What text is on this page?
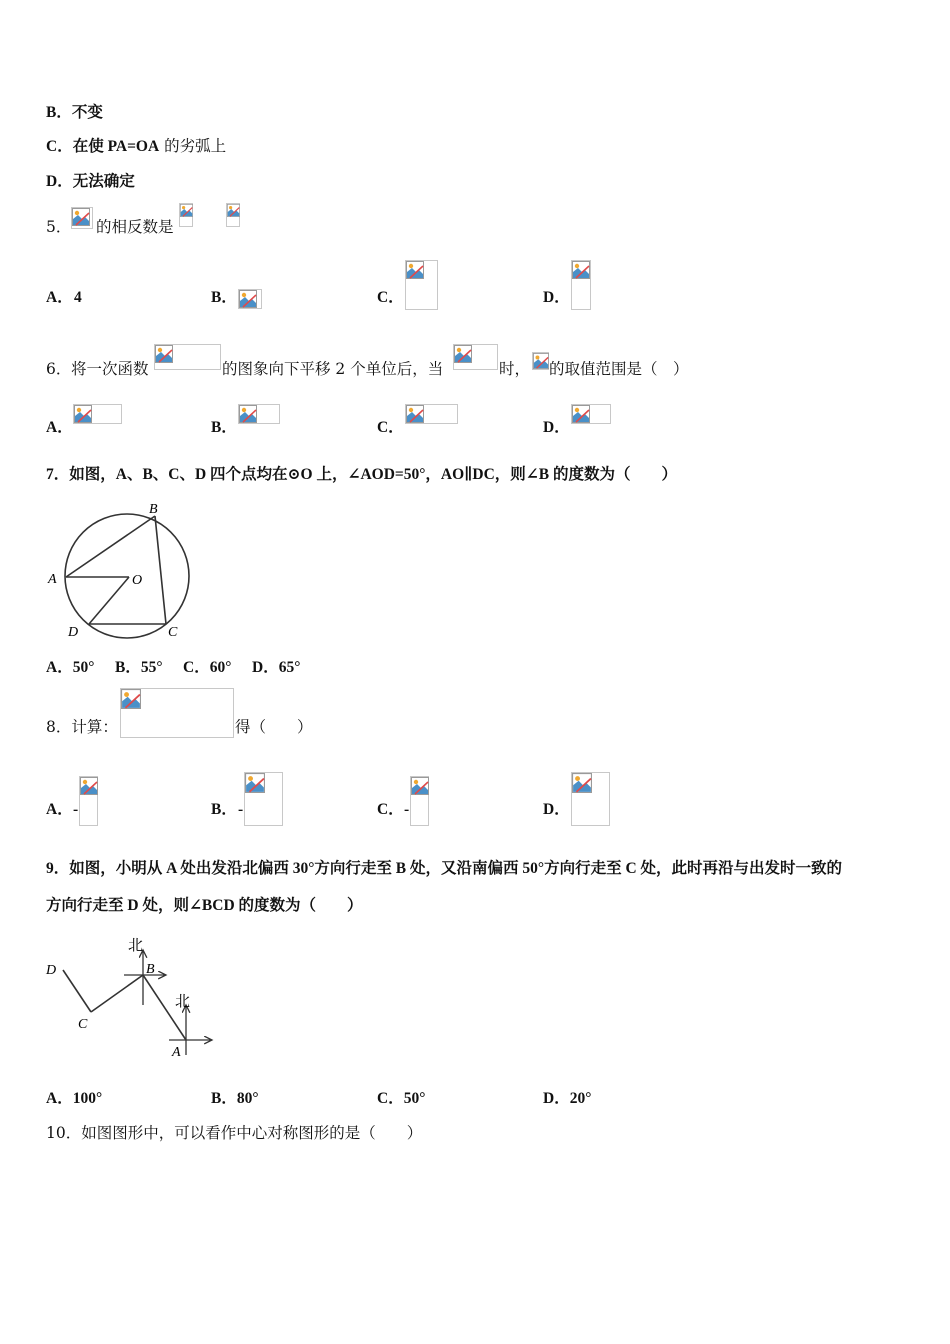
B．不变
C．在使 PA=OA 的劣弧上
D．无法确定
5． 的相反数是
A． 4	B．	C．	D．
6． 将一次函数	的图象向下平移 2 个单位后，当	时， 的取值范围是（　）
A．	B．	C．	D．
7．如图，A、B、C、D 四个点均在⊙O 上，∠AOD=50°，AO∥DC，则∠B 的度数为（　　）
B
A	O
D	C
A．50° B．55° C．60° D．65°
8．计算：	得（　　）
A． -	B． -	C． -	D．
9．如图，小明从 A 处出发沿北偏西 30°方向行走至 B 处，又沿南偏西 50°方向行走至 C 处，此时再沿与出发时一致的
方向行走至 D 处，则∠BCD 的度数为（　　）
北
北
B
A
C
D
A．100°	B．80°	C．50°	D．20°
10．如图图形中，可以看作中心对称图形的是（　　）
